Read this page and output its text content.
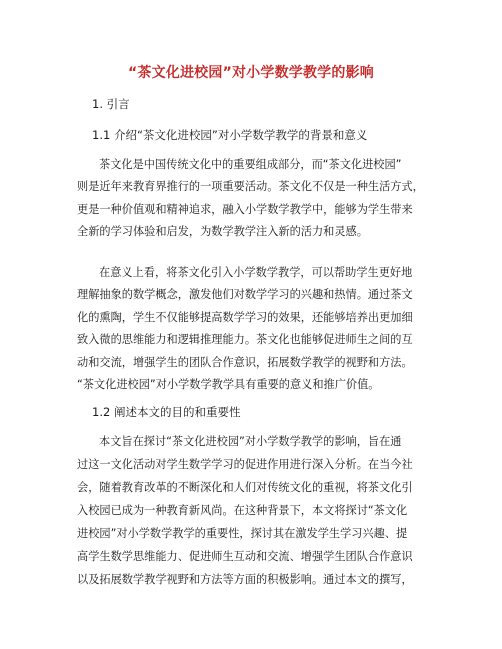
“茶文化进校园”对小学数学教学的影响
1. 引言
1.1 介绍“茶文化进校园”对小学数学教学的背景和意义
茶文化是中国传统文化中的重要组成部分，而“茶文化进校园”
则是近年来教育界推行的一项重要活动。茶文化不仅是一种生活方式，
更是一种价值观和精神追求，融入小学数学教学中，能够为学生带来
全新的学习体验和启发，为数学教学注入新的活力和灵感。
在意义上看，将茶文化引入小学数学教学，可以帮助学生更好地
理解抽象的数学概念，激发他们对数学学习的兴趣和热情。通过茶文
化的熏陶，学生不仅能够提高数学学习的效果，还能够培养出更加细
致入微的思维能力和逻辑推理能力。茶文化也能够促进师生之间的互
动和交流，增强学生的团队合作意识，拓展数学教学的视野和方法。
“茶文化进校园”对小学数学教学具有重要的意义和推广价值。
1.2 阐述本文的目的和重要性
本文旨在探讨“茶文化进校园”对小学数学教学的影响，旨在通
过这一文化活动对学生数学学习的促进作用进行深入分析。在当今社
会，随着教育改革的不断深化和人们对传统文化的重视，将茶文化引
入校园已成为一种教育新风尚。在这种背景下，本文将探讨“茶文化
进校园”对小学数学教学的重要性，探讨其在激发学生学习兴趣、提
高学生数学思维能力、促进师生互动和交流、增强学生团队合作意识
以及拓展数学教学视野和方法等方面的积极影响。通过本文的撰写，
